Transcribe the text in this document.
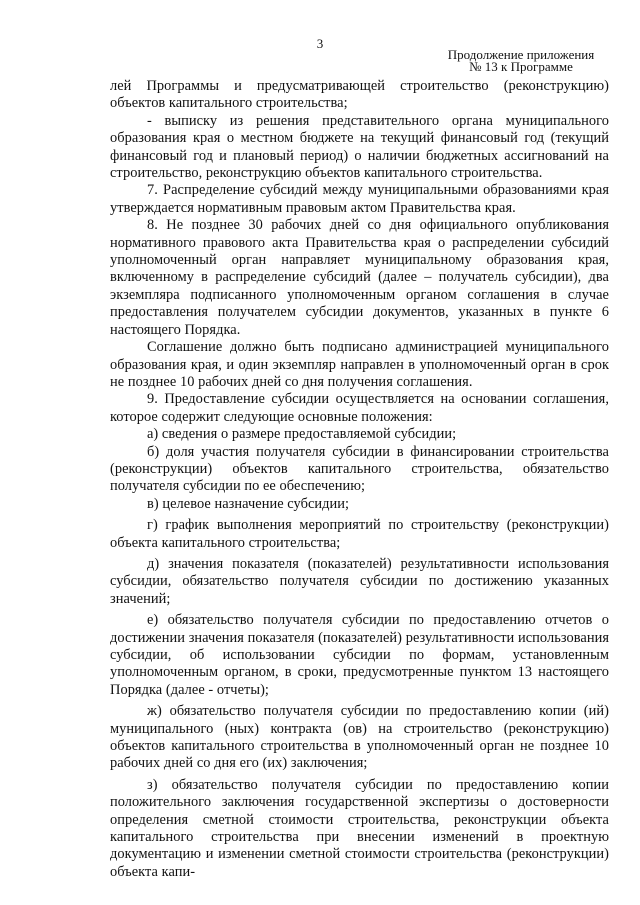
3
Продолжение приложения
№ 13 к Программе

лей Программы и предусматривающей строительство (реконструкцию) объектов капитального строительства;

- выписку из решения представительного органа муниципального образования края о местном бюджете на текущий финансовый год (текущий финансовый год и плановый период) о наличии бюджетных ассигнований на строительство, реконструкцию объектов капитального строительства.

7. Распределение субсидий между муниципальными образованиями края утверждается нормативным правовым актом Правительства края.

8. Не позднее 30 рабочих дней со дня официального опубликования нормативного правового акта Правительства края о распределении субсидий уполномоченный орган направляет муниципальному образования края, включенному в распределение субсидий (далее – получатель субсидии), два экземпляра подписанного уполномоченным органом соглашения в случае предоставления получателем субсидии документов, указанных в пункте 6 настоящего Порядка.

Соглашение должно быть подписано администрацией муниципального образования края, и один экземпляр направлен в уполномоченный орган в срок не позднее 10 рабочих дней со дня получения соглашения.

9. Предоставление субсидии осуществляется на основании соглашения, которое содержит следующие основные положения:

а) сведения о размере предоставляемой субсидии;

б) доля участия получателя субсидии в финансировании строительства (реконструкции) объектов капитального строительства, обязательство получателя субсидии по ее обеспечению;

в) целевое назначение субсидии;

г) график выполнения мероприятий по строительству (реконструкции) объекта капитального строительства;

д) значения показателя (показателей) результативности использования субсидии, обязательство получателя субсидии по достижению указанных значений;

е) обязательство получателя субсидии по предоставлению отчетов о достижении значения показателя (показателей) результативности использования субсидии, об использовании субсидии по формам, установленным уполномоченным органом, в сроки, предусмотренные пунктом 13 настоящего Порядка (далее - отчеты);

ж) обязательство получателя субсидии по предоставлению копии (ий) муниципального (ных) контракта (ов) на строительство (реконструкцию) объектов капитального строительства в уполномоченный орган не позднее 10 рабочих дней со дня его (их) заключения;

з) обязательство получателя субсидии по предоставлению копии положительного заключения государственной экспертизы о достоверности определения сметной стоимости строительства, реконструкции объекта капитального строительства при внесении изменений в проектную документацию и изменении сметной стоимости строительства (реконструкции) объекта капи-
